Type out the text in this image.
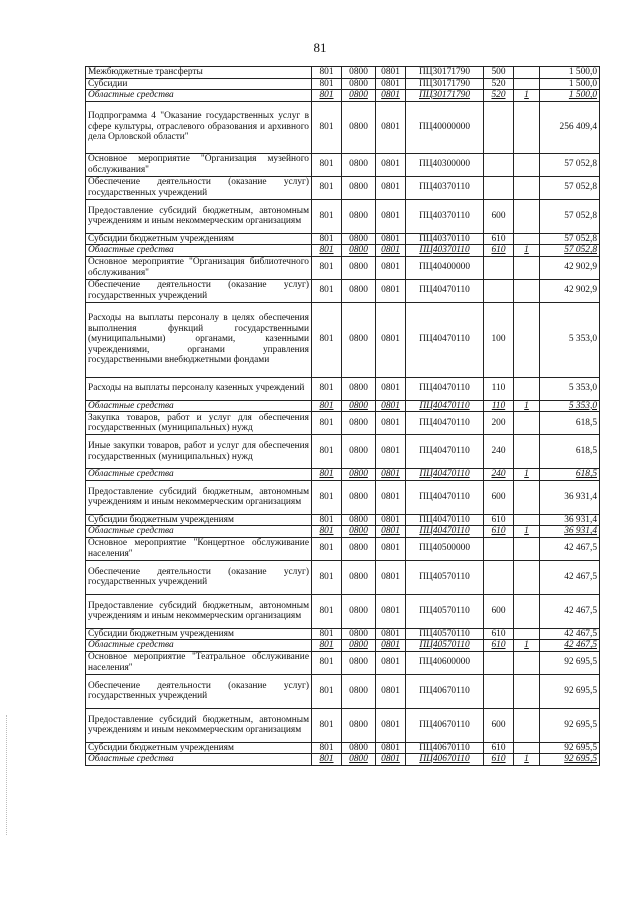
81
Межбюджетные трансферты	801	0800	0801	ПЦ30171790	500		1 500,0
Субсидии	801	0800	0801	ПЦ30171790	520		1 500,0
Областные средства	801	0800	0801	ПЦ30171790	520	1	1 500,0
Подпрограмма 4 "Оказание государственных услуг в сфере культуры, отраслевого образования и архивного дела Орловской области"	801	0800	0801	ПЦ40000000			256 409,4
Основное мероприятие "Организация музейного обслуживания"	801	0800	0801	ПЦ40300000			57 052,8
Обеспечение деятельности (оказание услуг) государственных учреждений	801	0800	0801	ПЦ40370110			57 052,8
Предоставление субсидий бюджетным, автономным учреждениям и иным некоммерческим организациям	801	0800	0801	ПЦ40370110	600		57 052,8
Субсидии бюджетным учреждениям	801	0800	0801	ПЦ40370110	610		57 052,8
Областные средства	801	0800	0801	ПЦ40370110	610	1	57 052,8
Основное мероприятие "Организация библиотечного обслуживания"	801	0800	0801	ПЦ40400000			42 902,9
Обеспечение деятельности (оказание услуг) государственных учреждений	801	0800	0801	ПЦ40470110			42 902,9
Расходы на выплаты персоналу в целях обеспечения выполнения функций государственными (муниципальными) органами, казенными учреждениями, органами управления государственными внебюджетными фондами	801	0800	0801	ПЦ40470110	100		5 353,0
Расходы на выплаты персоналу казенных учреждений	801	0800	0801	ПЦ40470110	110		5 353,0
Областные средства	801	0800	0801	ПЦ40470110	110	1	5 353,0
Закупка товаров, работ и услуг для обеспечения государственных (муниципальных) нужд	801	0800	0801	ПЦ40470110	200		618,5
Иные закупки товаров, работ и услуг для обеспечения государственных (муниципальных) нужд	801	0800	0801	ПЦ40470110	240		618,5
Областные средства	801	0800	0801	ПЦ40470110	240	1	618,5
Предоставление субсидий бюджетным, автономным учреждениям и иным некоммерческим организациям	801	0800	0801	ПЦ40470110	600		36 931,4
Субсидии бюджетным учреждениям	801	0800	0801	ПЦ40470110	610		36 931,4
Областные средства	801	0800	0801	ПЦ40470110	610	1	36 931,4
Основное мероприятие "Концертное обслуживание населения"	801	0800	0801	ПЦ40500000			42 467,5
Обеспечение деятельности (оказание услуг) государственных учреждений	801	0800	0801	ПЦ40570110			42 467,5
Предоставление субсидий бюджетным, автономным учреждениям и иным некоммерческим организациям	801	0800	0801	ПЦ40570110	600		42 467,5
Субсидии бюджетным учреждениям	801	0800	0801	ПЦ40570110	610		42 467,5
Областные средства	801	0800	0801	ПЦ40570110	610	1	42 467,5
Основное мероприятие "Театральное обслуживание населения"	801	0800	0801	ПЦ40600000			92 695,5
Обеспечение деятельности (оказание услуг) государственных учреждений	801	0800	0801	ПЦ40670110			92 695,5
Предоставление субсидий бюджетным, автономным учреждениям и иным некоммерческим организациям	801	0800	0801	ПЦ40670110	600		92 695,5
Субсидии бюджетным учреждениям	801	0800	0801	ПЦ40670110	610		92 695,5
Областные средства	801	0800	0801	ПЦ40670110	610	1	92 695,5
